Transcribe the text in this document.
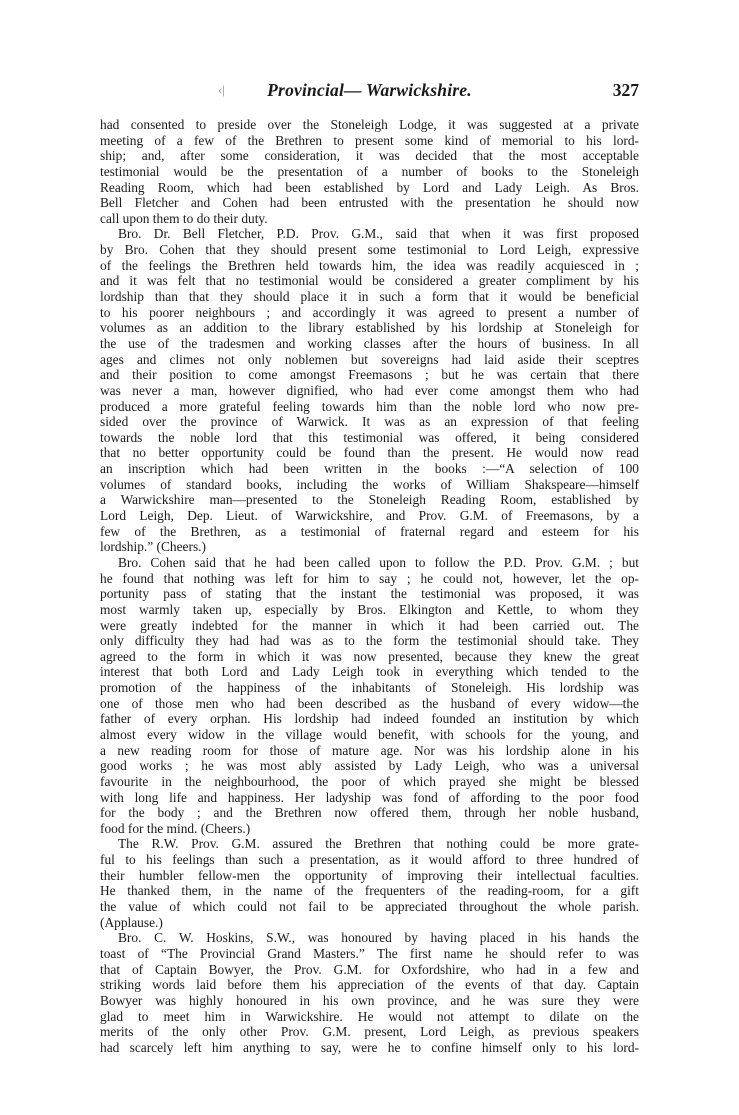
‹|	Provincial— Warwickshire.	327
had consented to preside over the Stoneleigh Lodge, it was suggested at a private
meeting of a few of the Brethren to present some kind of memorial to his lord-
ship; and, after some consideration, it was decided that the most acceptable
testimonial would be the presentation of a number of books to the Stoneleigh
Reading Room, which had been established by Lord and Lady Leigh. As Bros.
Bell Fletcher and Cohen had been entrusted with the presentation he should now
call upon them to do their duty.
Bro. Dr. Bell Fletcher, P.D. Prov. G.M., said that when it was first proposed
by Bro. Cohen that they should present some testimonial to Lord Leigh, expressive
of the feelings the Brethren held towards him, the idea was readily acquiesced in ;
and it was felt that no testimonial would be considered a greater compliment by his
lordship than that they should place it in such a form that it would be beneficial
to his poorer neighbours ; and accordingly it was agreed to present a number of
volumes as an addition to the library established by his lordship at Stoneleigh for
the use of the tradesmen and working classes after the hours of business. In all
ages and climes not only noblemen but sovereigns had laid aside their sceptres
and their position to come amongst Freemasons ; but he was certain that there
was never a man, however dignified, who had ever come amongst them who had
produced a more grateful feeling towards him than the noble lord who now pre-
sided over the province of Warwick. It was as an expression of that feeling
towards the noble lord that this testimonial was offered, it being considered
that no better opportunity could be found than the present. He would now read
an inscription which had been written in the books :—“A selection of 100
volumes of standard books, including the works of William Shakspeare—himself
a Warwickshire man—presented to the Stoneleigh Reading Room, established by
Lord Leigh, Dep. Lieut. of Warwickshire, and Prov. G.M. of Freemasons, by a
few of the Brethren, as a testimonial of fraternal regard and esteem for his
lordship.” (Cheers.)
Bro. Cohen said that he had been called upon to follow the P.D. Prov. G.M. ; but
he found that nothing was left for him to say ; he could not, however, let the op-
portunity pass of stating that the instant the testimonial was proposed, it was
most warmly taken up, especially by Bros. Elkington and Kettle, to whom they
were greatly indebted for the manner in which it had been carried out. The
only difficulty they had had was as to the form the testimonial should take. They
agreed to the form in which it was now presented, because they knew the great
interest that both Lord and Lady Leigh took in everything which tended to the
promotion of the happiness of the inhabitants of Stoneleigh. His lordship was
one of those men who had been described as the husband of every widow—the
father of every orphan. His lordship had indeed founded an institution by which
almost every widow in the village would benefit, with schools for the young, and
a new reading room for those of mature age. Nor was his lordship alone in his
good works ; he was most ably assisted by Lady Leigh, who was a universal
favourite in the neighbourhood, the poor of which prayed she might be blessed
with long life and happiness. Her ladyship was fond of affording to the poor food
for the body ; and the Brethren now offered them, through her noble husband,
food for the mind. (Cheers.)
The R.W. Prov. G.M. assured the Brethren that nothing could be more grate-
ful to his feelings than such a presentation, as it would afford to three hundred of
their humbler fellow-men the opportunity of improving their intellectual faculties.
He thanked them, in the name of the frequenters of the reading-room, for a gift
the value of which could not fail to be appreciated throughout the whole parish.
(Applause.)
Bro. C. W. Hoskins, S.W., was honoured by having placed in his hands the
toast of “The Provincial Grand Masters.” The first name he should refer to was
that of Captain Bowyer, the Prov. G.M. for Oxfordshire, who had in a few and
striking words laid before them his appreciation of the events of that day. Captain
Bowyer was highly honoured in his own province, and he was sure they were
glad to meet him in Warwickshire. He would not attempt to dilate on the
merits of the only other Prov. G.M. present, Lord Leigh, as previous speakers
had scarcely left him anything to say, were he to confine himself only to his lord-
